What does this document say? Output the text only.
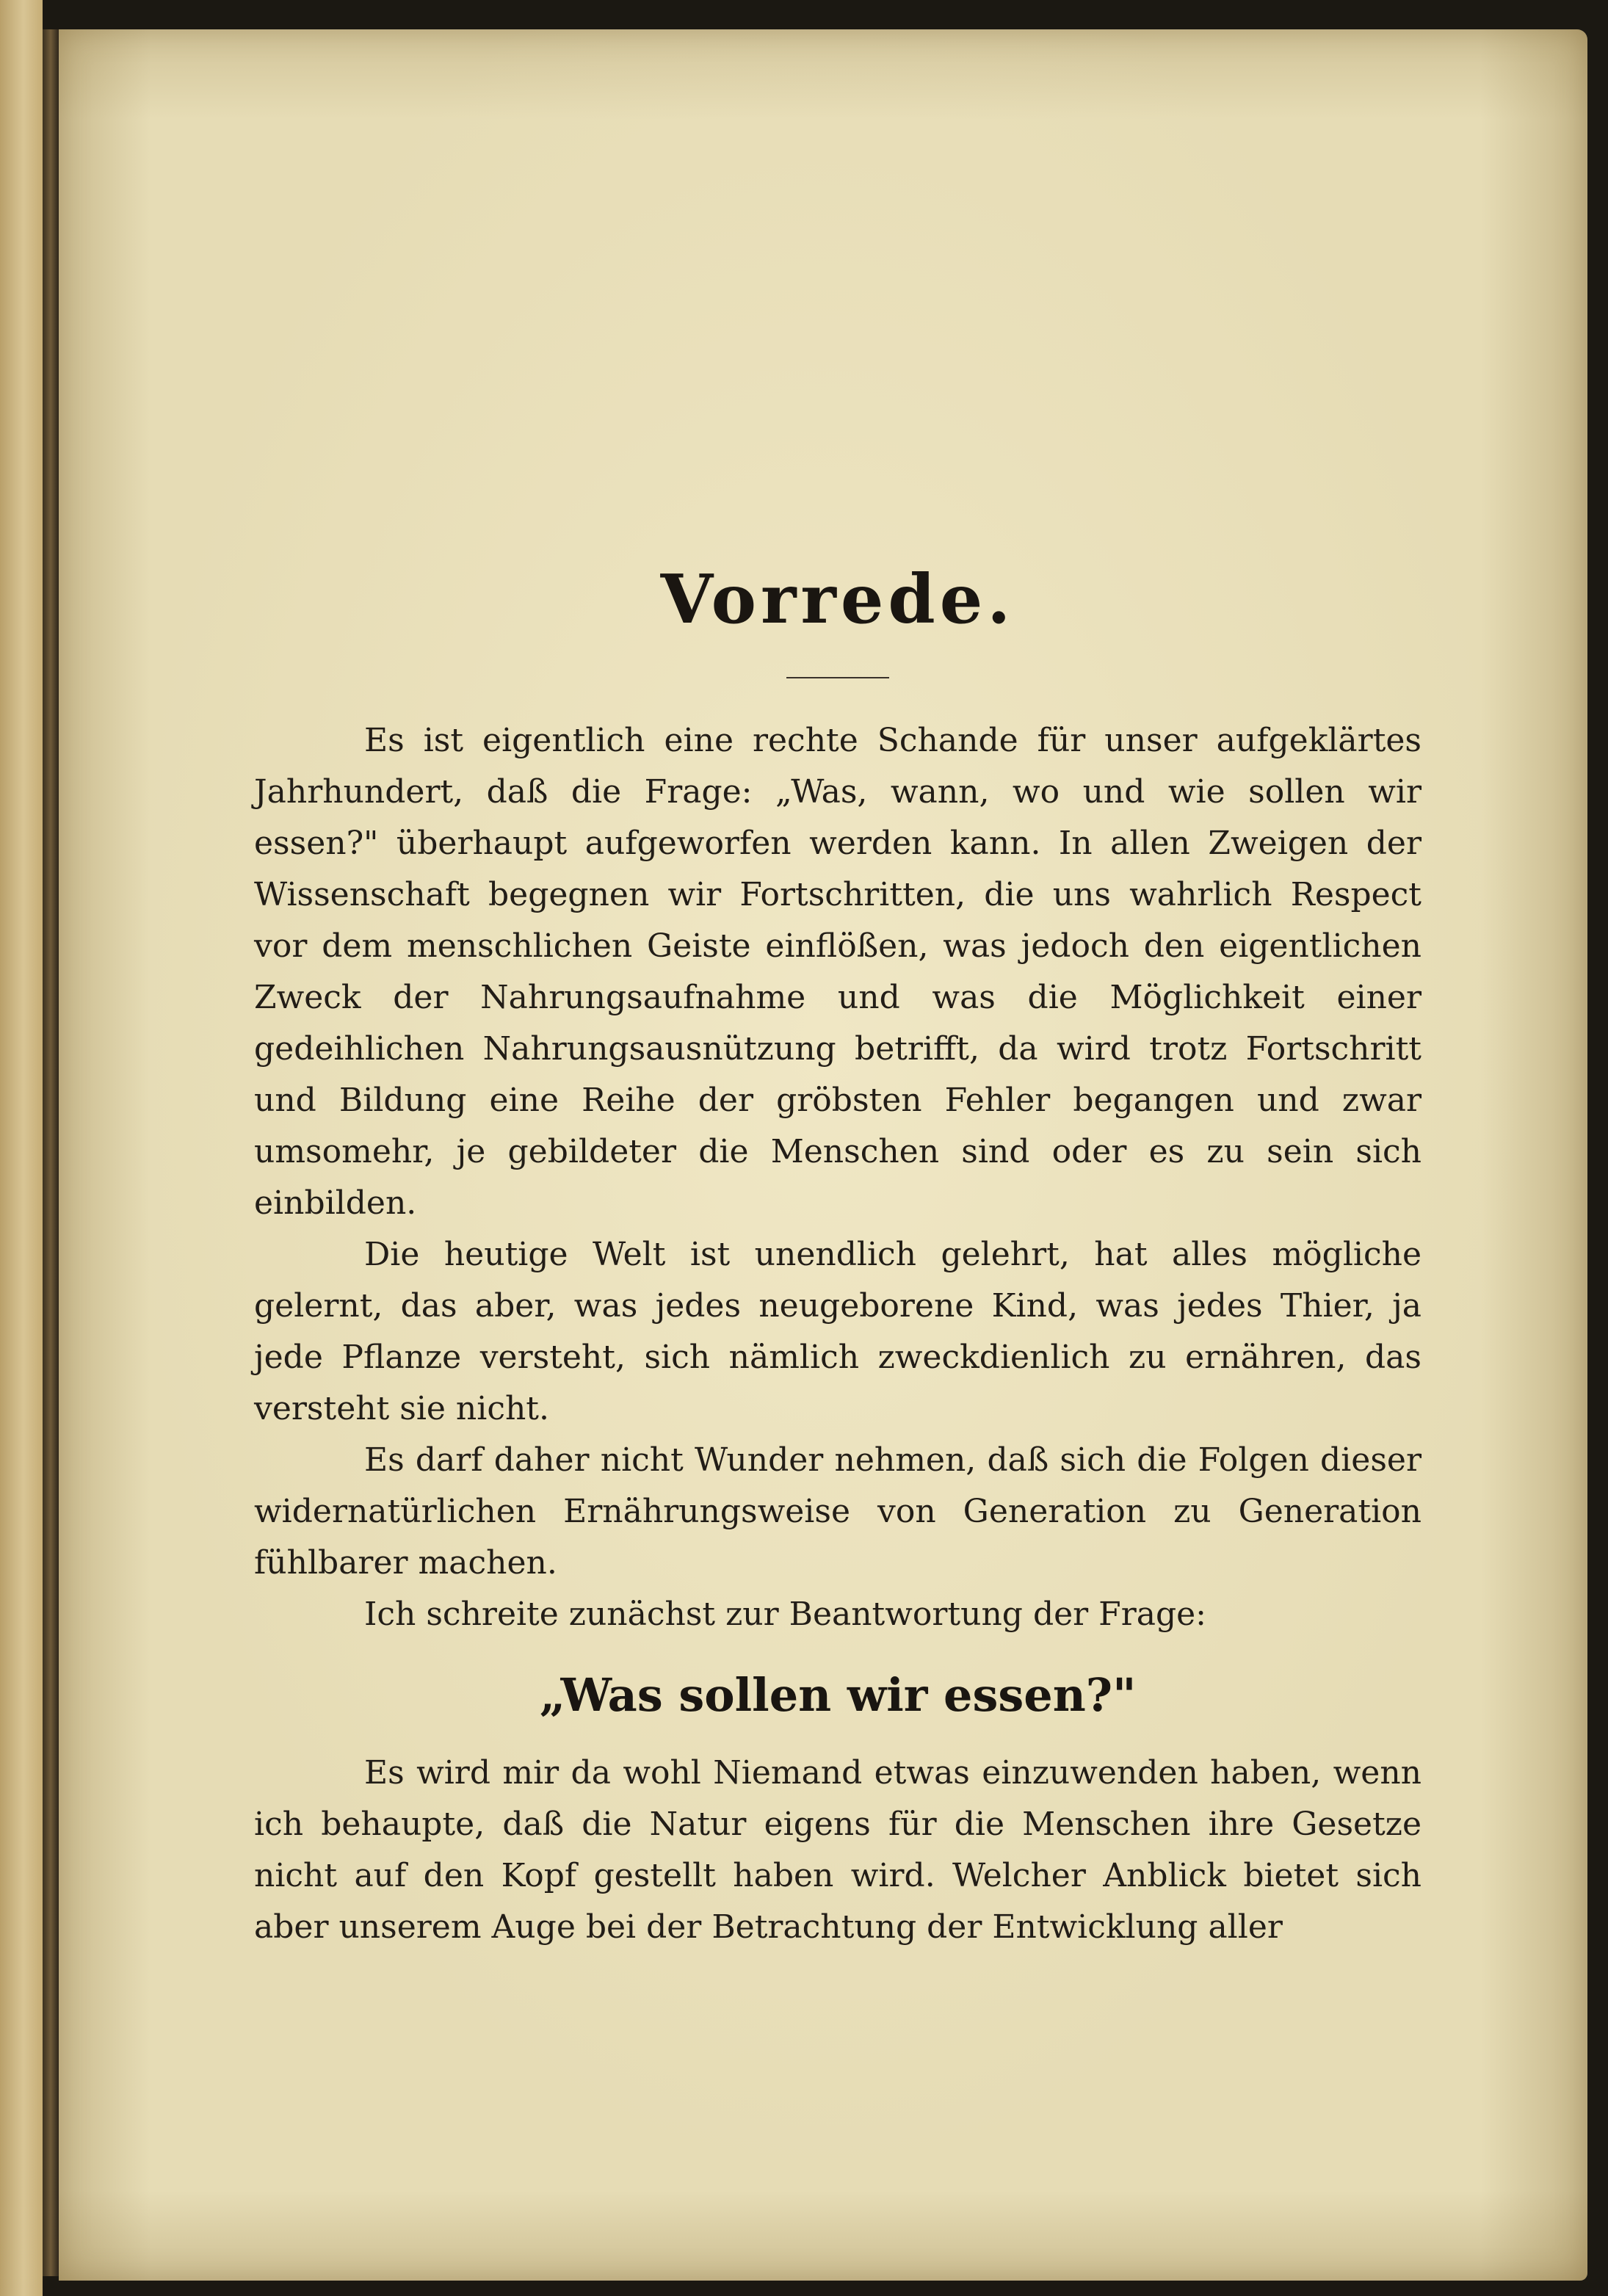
Vorrede.

Es ist eigentlich eine rechte Schande für unser aufgeklärtes Jahrhundert, daß die Frage: „Was, wann, wo und wie sollen wir essen?" überhaupt aufgeworfen werden kann. In allen Zweigen der Wissenschaft begegnen wir Fortschritten, die uns wahrlich Respect vor dem menschlichen Geiste einflößen, was jedoch den eigentlichen Zweck der Nahrungsaufnahme und was die Möglichkeit einer gedeihlichen Nahrungsausnützung betrifft, da wird trotz Fortschritt und Bildung eine Reihe der gröbsten Fehler begangen und zwar umsomehr, je gebildeter die Menschen sind oder es zu sein sich einbilden.

Die heutige Welt ist unendlich gelehrt, hat alles mögliche gelernt, das aber, was jedes neugeborene Kind, was jedes Thier, ja jede Pflanze versteht, sich nämlich zweckdienlich zu ernähren, das versteht sie nicht.

Es darf daher nicht Wunder nehmen, daß sich die Folgen dieser widernatürlichen Ernährungsweise von Generation zu Generation fühlbarer machen.

Ich schreite zunächst zur Beantwortung der Frage:

„Was sollen wir essen?"

Es wird mir da wohl Niemand etwas einzuwenden haben, wenn ich behaupte, daß die Natur eigens für die Menschen ihre Gesetze nicht auf den Kopf gestellt haben wird. Welcher Anblick bietet sich aber unserem Auge bei der Betrachtung der Entwicklung aller
